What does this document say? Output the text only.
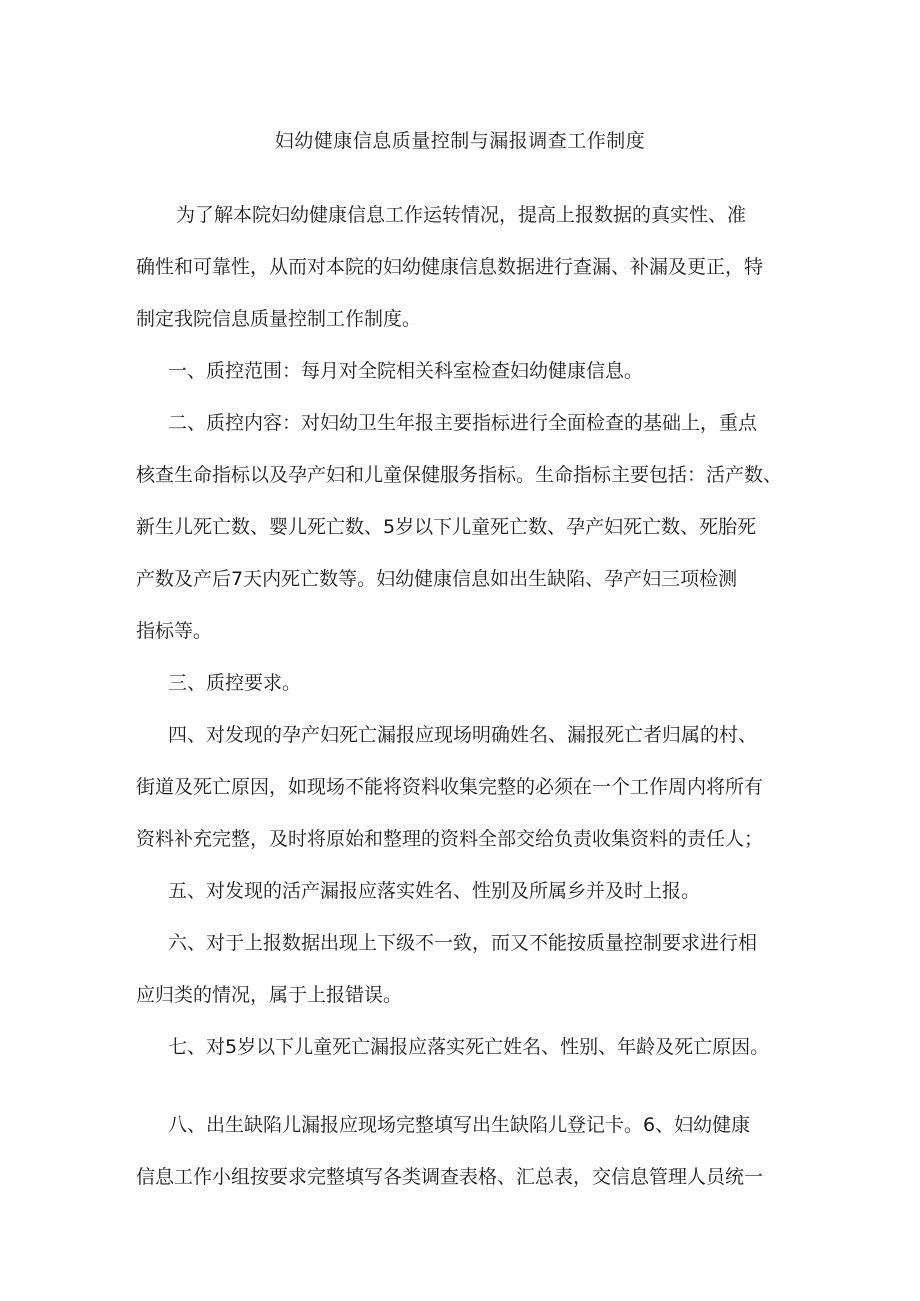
妇幼健康信息质量控制与漏报调查工作制度
为了解本院妇幼健康信息工作运转情况，提高上报数据的真实性、准
确性和可靠性，从而对本院的妇幼健康信息数据进行查漏、补漏及更正，特
制定我院信息质量控制工作制度。
一、质控范围：每月对全院相关科室检查妇幼健康信息。
二、质控内容：对妇幼卫生年报主要指标进行全面检查的基础上，重点
核查生命指标以及孕产妇和儿童保健服务指标。生命指标主要包括：活产数、
新生儿死亡数、婴儿死亡数、5岁以下儿童死亡数、孕产妇死亡数、死胎死
产数及产后7天内死亡数等。妇幼健康信息如出生缺陷、孕产妇三项检测
指标等。
三、质控要求。
四、对发现的孕产妇死亡漏报应现场明确姓名、漏报死亡者归属的村、
街道及死亡原因，如现场不能将资料收集完整的必须在一个工作周内将所有
资料补充完整，及时将原始和整理的资料全部交给负责收集资料的责任人；
五、对发现的活产漏报应落实姓名、性别及所属乡并及时上报。
六、对于上报数据出现上下级不一致，而又不能按质量控制要求进行相
应归类的情况，属于上报错误。
七、对5岁以下儿童死亡漏报应落实死亡姓名、性别、年龄及死亡原因。
八、出生缺陷儿漏报应现场完整填写出生缺陷儿登记卡。6、妇幼健康
信息工作小组按要求完整填写各类调查表格、汇总表，交信息管理人员统一
